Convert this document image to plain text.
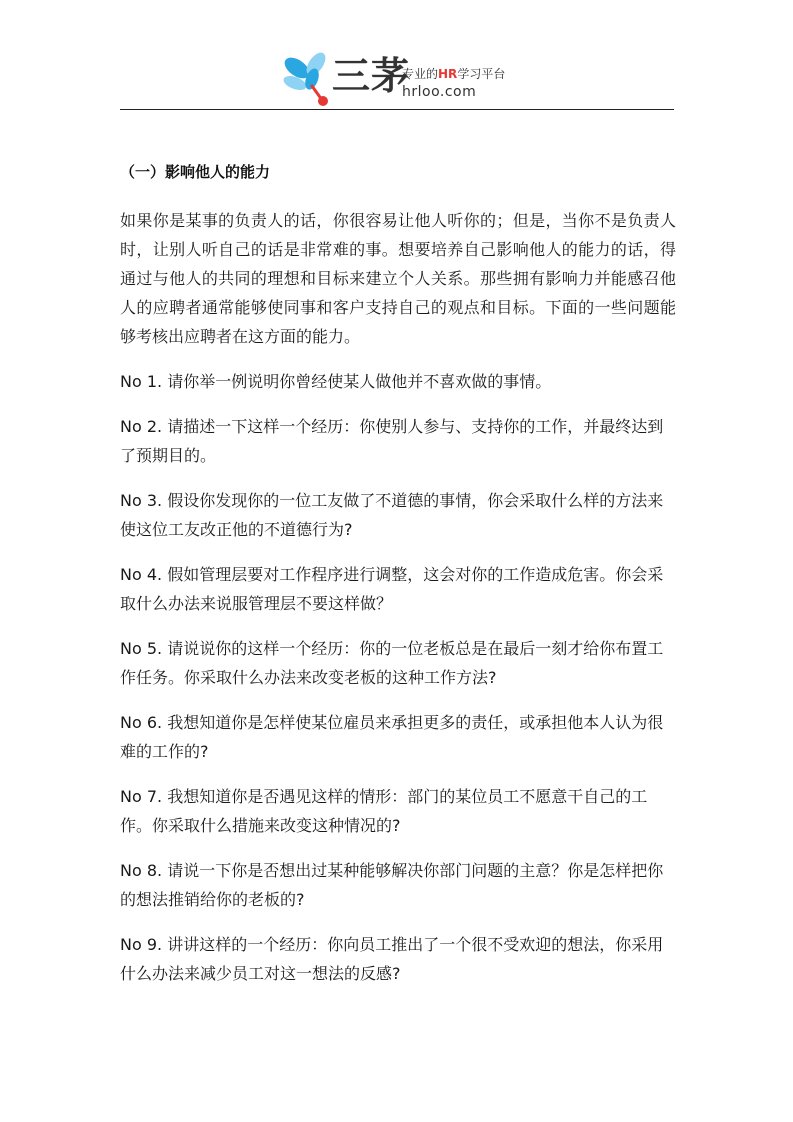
三茅
专业的HR学习平台
hrloo.com
（一）影响他人的能力

如果你是某事的负责人的话，你很容易让他人听你的；但是，当你不是负责人时，让别人听自己的话是非常难的事。想要培养自己影响他人的能力的话，得通过与他人的共同的理想和目标来建立个人关系。那些拥有影响力并能感召他人的应聘者通常能够使同事和客户支持自己的观点和目标。下面的一些问题能够考核出应聘者在这方面的能力。

No 1. 请你举一例说明你曾经使某人做他并不喜欢做的事情。

No 2. 请描述一下这样一个经历：你使别人参与、支持你的工作，并最终达到了预期目的。

No 3. 假设你发现你的一位工友做了不道德的事情，你会采取什么样的方法来使这位工友改正他的不道德行为?

No 4. 假如管理层要对工作程序进行调整，这会对你的工作造成危害。你会采取什么办法来说服管理层不要这样做？

No 5. 请说说你的这样一个经历：你的一位老板总是在最后一刻才给你布置工作任务。你采取什么办法来改变老板的这种工作方法?

No 6. 我想知道你是怎样使某位雇员来承担更多的责任，或承担他本人认为很难的工作的?

No 7. 我想知道你是否遇见这样的情形：部门的某位员工不愿意干自己的工作。你采取什么措施来改变这种情况的?

No 8. 请说一下你是否想出过某种能够解决你部门问题的主意？你是怎样把你的想法推销给你的老板的?

No 9. 讲讲这样的一个经历：你向员工推出了一个很不受欢迎的想法，你采用什么办法来减少员工对这一想法的反感?
